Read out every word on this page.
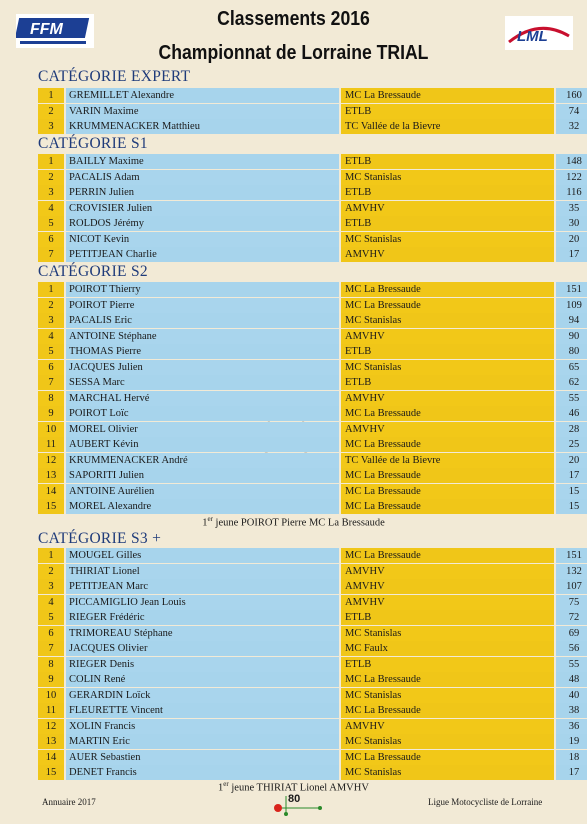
FFM	Classements 2016
Championnat de Lorraine TRIAL
LML
CATÉGORIE EXPERT
1	GREMILLET Alexandre	MC La Bressaude	160
2	VARIN Maxime	ETLB	74
3	KRUMMENACKER Matthieu	TC Vallée de la Bievre	32
CATÉGORIE S1
1	BAILLY Maxime	ETLB	148
2	PACALIS Adam	MC Stanislas	122
3	PERRIN Julien	ETLB	116
4	CROVISIER Julien	AMVHV	35
5	ROLDOS Jérémy	ETLB	30
6	NICOT Kevin	MC Stanislas	20
7	PETITJEAN Charlie	AMVHV	17
CATÉGORIE S2
1	POIROT Thierry	MC La Bressaude	151
2	POIROT Pierre	MC La Bressaude	109
3	PACALIS Eric	MC Stanislas	94
4	ANTOINE Stéphane	AMVHV	90
5	THOMAS Pierre	ETLB	80
6	JACQUES Julien	MC Stanislas	65
7	SESSA Marc	ETLB	62
8	MARCHAL Hervé	AMVHV	55
9	POIROT Loïc	MC La Bressaude	46
10	MOREL Olivier	AMVHV	28
11	AUBERT Kévin	MC La Bressaude	25
12	KRUMMENACKER André	TC Vallée de la Bievre	20
13	SAPORITI Julien	MC La Bressaude	17
14	ANTOINE Aurélien	MC La Bressaude	15
15	MOREL Alexandre	MC La Bressaude	15
1er jeune POIROT Pierre MC La Bressaude
CATÉGORIE S3 +
1	MOUGEL Gilles	MC La Bressaude	151
2	THIRIAT Lionel	AMVHV	132
3	PETITJEAN Marc	AMVHV	107
4	PICCAMIGLIO Jean Louis	AMVHV	75
5	RIEGER Frédéric	ETLB	72
6	TRIMOREAU Stéphane	MC Stanislas	69
7	JACQUES Olivier	MC Faulx	56
8	RIEGER Denis	ETLB	55
9	COLIN René	MC La Bressaude	48
10	GERARDIN Loïck	MC Stanislas	40
11	FLEURETTE Vincent	MC La Bressaude	38
12	XOLIN Francis	AMVHV	36
13	MARTIN Eric	MC Stanislas	19
14	AUER Sebastien	MC La Bressaude	18
15	DENET Francis	MC Stanislas	17
1er jeune THIRIAT Lionel AMVHV
Annuaire 2017	80	Ligue Motocycliste de Lorraine
